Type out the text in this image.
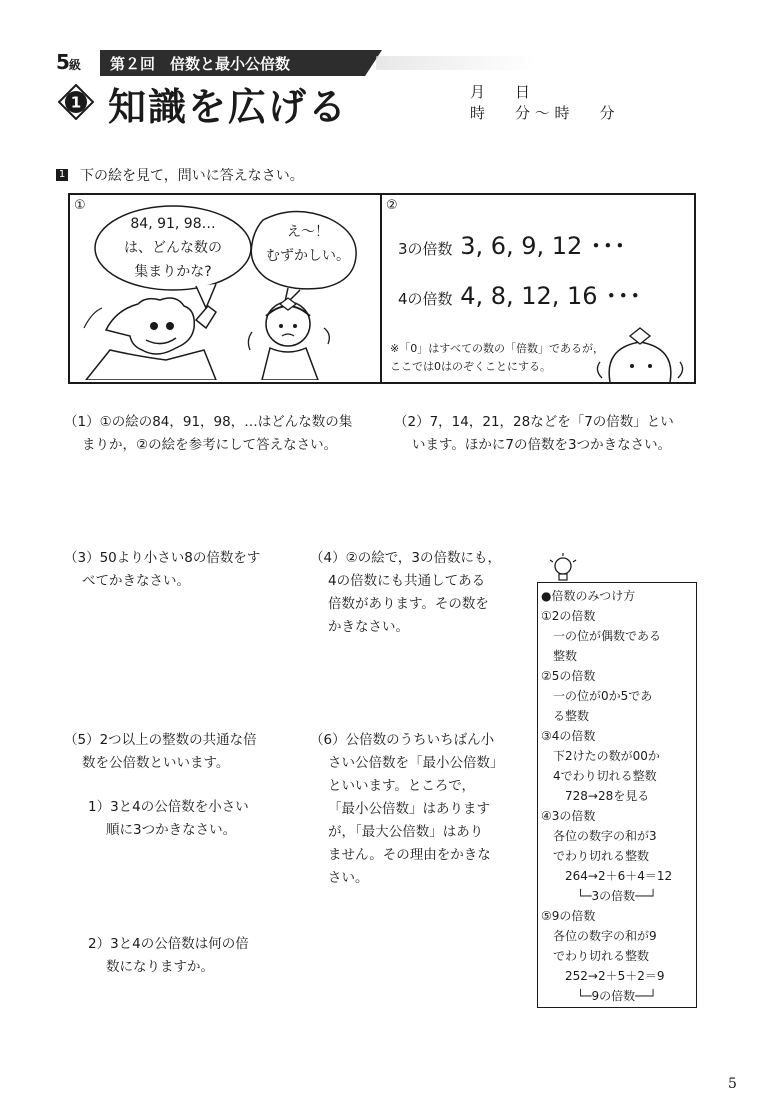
5級 第２回　倍数と最小公倍数
1 知識を広げる	月　　日
時　　分 ～ 時　　分
1 下の絵を見て，問いに答えなさい。
①
84, 91, 98…
は、どんな数の
集まりかな?
え～！
むずかしい。
②
3の倍数 3, 6, 9, 12 ･･･
4の倍数 4, 8, 12, 16 ･･･
※「0」はすべての数の「倍数」であるが，
ここでは0はのぞくことにする。
（1）①の絵の84，91，98，…はどんな数の集
まりか，②の絵を参考にして答えなさい。
（2）7，14，21，28などを「7の倍数」とい
います。ほかに7の倍数を3つかきなさい。
（3）50より小さい8の倍数をす
べてかきなさい。
（4）②の絵で，3の倍数にも，
4の倍数にも共通してある
倍数があります。その数を
かきなさい。
（5）2つ以上の整数の共通な倍
数を公倍数といいます。
1）3と4の公倍数を小さい
順に3つかきなさい。
2）3と4の公倍数は何の倍
数になりますか。
（6）公倍数のうちいちばん小
さい公倍数を「最小公倍数」
といいます。ところで，
「最小公倍数」はあります
が，「最大公倍数」はあり
ません。その理由をかきな
さい。
●倍数のみつけ方
①2の倍数
　一の位が偶数である
　整数
②5の倍数
　一の位が0か5であ
　る整数
③4の倍数
　下2けたの数が00か
　4でわり切れる整数
　　728→28を見る
④3の倍数
　各位の数字の和が3
　でわり切れる整数
　　264→2＋6＋4＝12
　　　└─3の倍数──┘
⑤9の倍数
　各位の数字の和が9
　でわり切れる整数
　　252→2＋5＋2＝9
　　　└─9の倍数──┘
5
